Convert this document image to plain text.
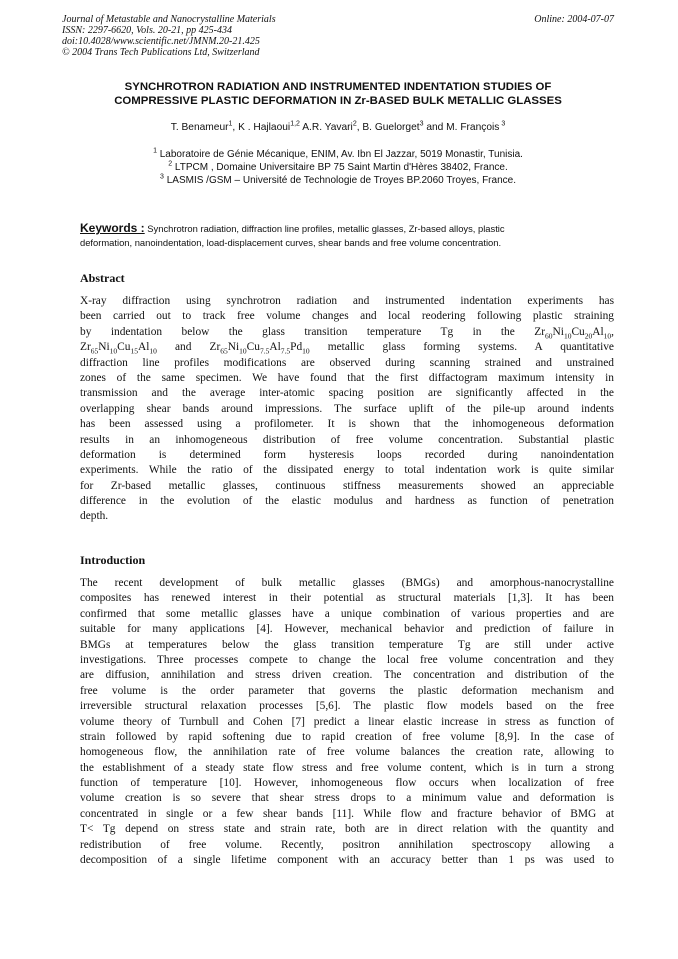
Journal of Metastable and Nanocrystalline Materials
ISSN: 2297-6620, Vols. 20-21, pp 425-434
doi:10.4028/www.scientific.net/JMNM.20-21.425
© 2004 Trans Tech Publications Ltd, Switzerland
Online: 2004-07-07
SYNCHROTRON RADIATION AND INSTRUMENTED INDENTATION STUDIES OF
COMPRESSIVE PLASTIC DEFORMATION IN Zr-BASED BULK METALLIC GLASSES
T. Benameur$^1$, K . Hajlaoui$^{1,2}$ A.R. Yavari$^2$, B. Guelorget$^3$ and M. François $^3$
$^1$ Laboratoire de Génie Mécanique, ENIM, Av. Ibn El Jazzar, 5019 Monastir, Tunisia.
$^2$ LTPCM , Domaine Universitaire BP 75 Saint Martin d'Hères 38402, France.
$^3$ LASMIS /GSM – Université de Technologie de Troyes BP.2060 Troyes, France.
Keywords : Synchrotron radiation, diffraction line profiles, metallic glasses, Zr-based alloys, plastic
deformation, nanoindentation, load-displacement curves, shear bands and free volume concentration.
Abstract
X-ray diffraction using synchrotron radiation and instrumented indentation experiments has
been carried out to track free volume changes and local reodering following plastic straining
by indentation below the glass transition temperature Tg in the $Zr_{60}Ni_{10}Cu_{20}Al_{10}$,
$Zr_{65}Ni_{10}Cu_{15}Al_{10}$ and $Zr_{65}Ni_{10}Cu_{7.5}Al_{7.5}Pd_{10}$ metallic glass forming systems. A quantitative
diffraction line profiles modifications are observed during scanning strained and unstrained
zones of the same specimen. We have found that the first diffactogram maximum intensity in
transmission and the average inter-atomic spacing position are significantly affected in the
overlapping shear bands around impressions. The surface uplift of the pile-up around indents
has been assessed using a profilometer. It is shown that the inhomogeneous deformation
results in an inhomogeneous distribution of free volume concentration. Substantial plastic
deformation is determined form hysteresis loops recorded during nanoindentation
experiments. While the ratio of the dissipated energy to total indentation work is quite similar
for Zr-based metallic glasses, continuous stiffness measurements showed an appreciable
difference in the evolution of the elastic modulus and hardness as function of penetration
depth.
Introduction
The recent development of bulk metallic glasses (BMGs) and amorphous-nanocrystalline
composites has renewed interest in their potential as structural materials [1,3]. It has been
confirmed that some metallic glasses have a unique combination of various properties and are
suitable for many applications [4]. However, mechanical behavior and prediction of failure in
BMGs at temperatures below the glass transition temperature Tg are still under active
investigations. Three processes compete to change the local free volume concentration and they
are diffusion, annihilation and stress driven creation. The concentration and distribution of the
free volume is the order parameter that governs the plastic deformation mechanism and
irreversible structural relaxation processes [5,6]. The plastic flow models based on the free
volume theory of Turnbull and Cohen [7] predict a linear elastic increase in stress as function of
strain followed by rapid softening due to rapid creation of free volume [8,9]. In the case of
homogeneous flow, the annihilation rate of free volume balances the creation rate, allowing to
the establishment of a steady state flow stress and free volume content, which is in turn a strong
function of temperature [10]. However, inhomogeneous flow occurs when localization of free
volume creation is so severe that shear stress drops to a minimum value and deformation is
concentrated in single or a few shear bands [11]. While flow and fracture behavior of BMG at
T< Tg depend on stress state and strain rate, both are in direct relation with the quantity and
redistribution of free volume. Recently, positron annihilation spectroscopy allowing a
decomposition of a single lifetime component with an accuracy better than 1 ps was used to
